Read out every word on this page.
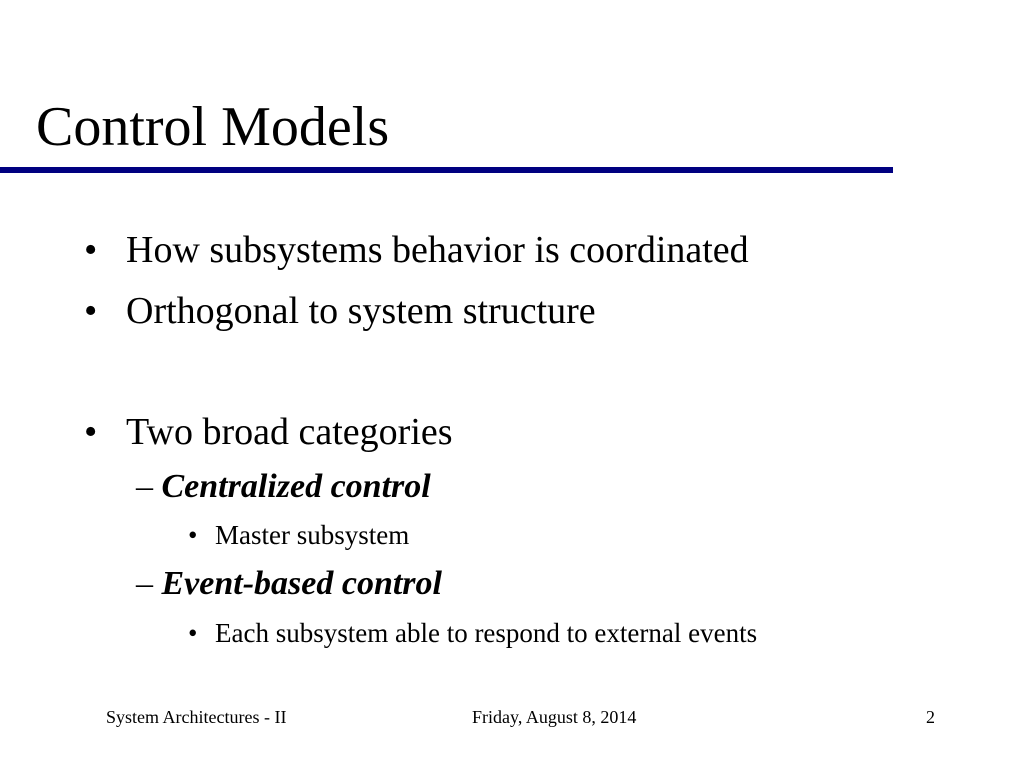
Control Models
• How subsystems behavior is coordinated
• Orthogonal to system structure
• Two broad categories
– Centralized control
• Master subsystem
– Event-based control
• Each subsystem able to respond to external events
System Architectures - II	Friday, August 8, 2014	2
